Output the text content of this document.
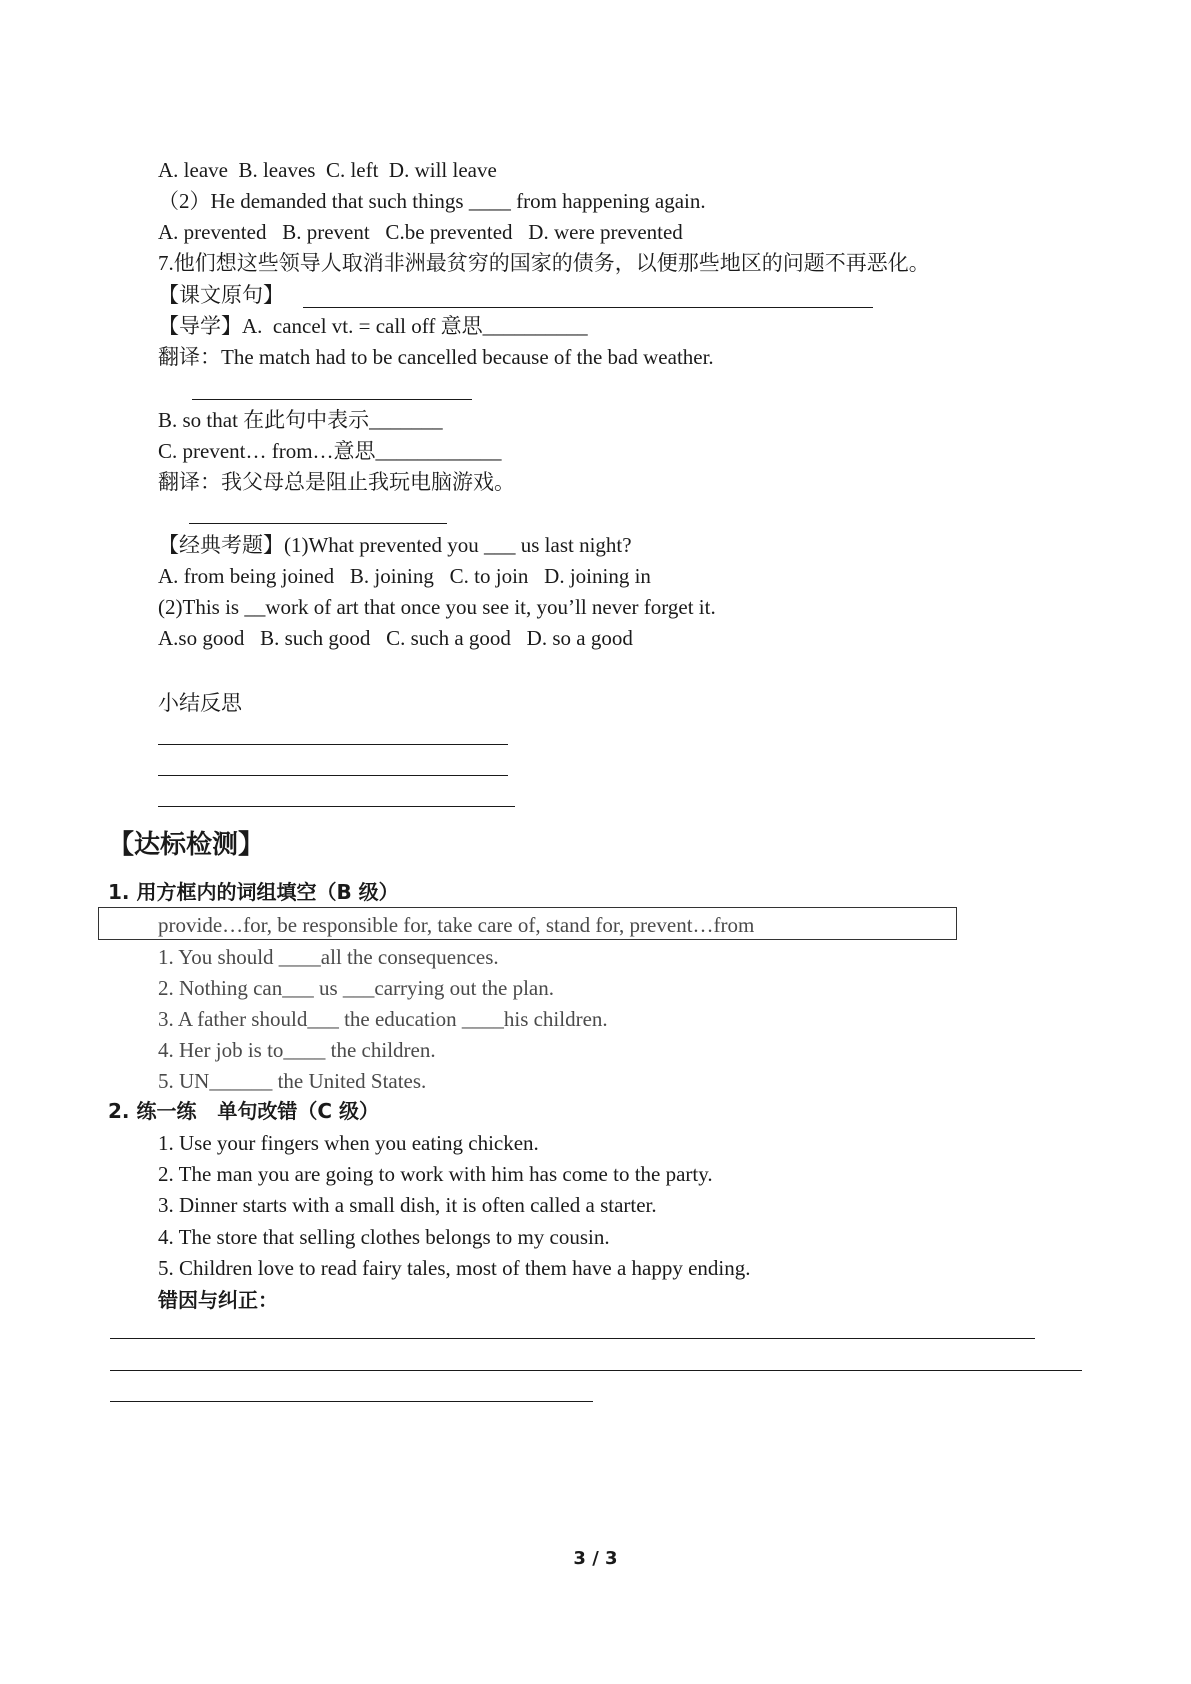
A. leave  B. leaves  C. left  D. will leave
（2）He demanded that such things ____ from happening again.
A. prevented   B. prevent   C.be prevented   D. were prevented
7.他们想这些领导人取消非洲最贫穷的国家的债务，以便那些地区的问题不再恶化。
【课文原句】
【导学】A.  cancel vt. = call off 意思__________
翻译：The match had to be cancelled because of the bad weather.
B. so that 在此句中表示_______
C. prevent… from…意思____________
翻译：我父母总是阻止我玩电脑游戏。
【经典考题】(1)What prevented you ___ us last night?
A. from being joined   B. joining   C. to join   D. joining in
(2)This is __work of art that once you see it, you’ll never forget it.
A.so good   B. such good   C. such a good   D. so a good
小结反思
【达标检测】
1. 用方框内的词组填空（B 级）
provide…for, be responsible for, take care of, stand for, prevent…from
1. You should ____all the consequences.
2. Nothing can___ us ___carrying out the plan.
3. A father should___ the education ____his children.
4. Her job is to____ the children.
5. UN______ the United States.
2. 练一练   单句改错（C 级）
1. Use your fingers when you eating chicken.
2. The man you are going to work with him has come to the party.
3. Dinner starts with a small dish, it is often called a starter.
4. The store that selling clothes belongs to my cousin.
5. Children love to read fairy tales, most of them have a happy ending.
错因与纠正：
3 / 3
